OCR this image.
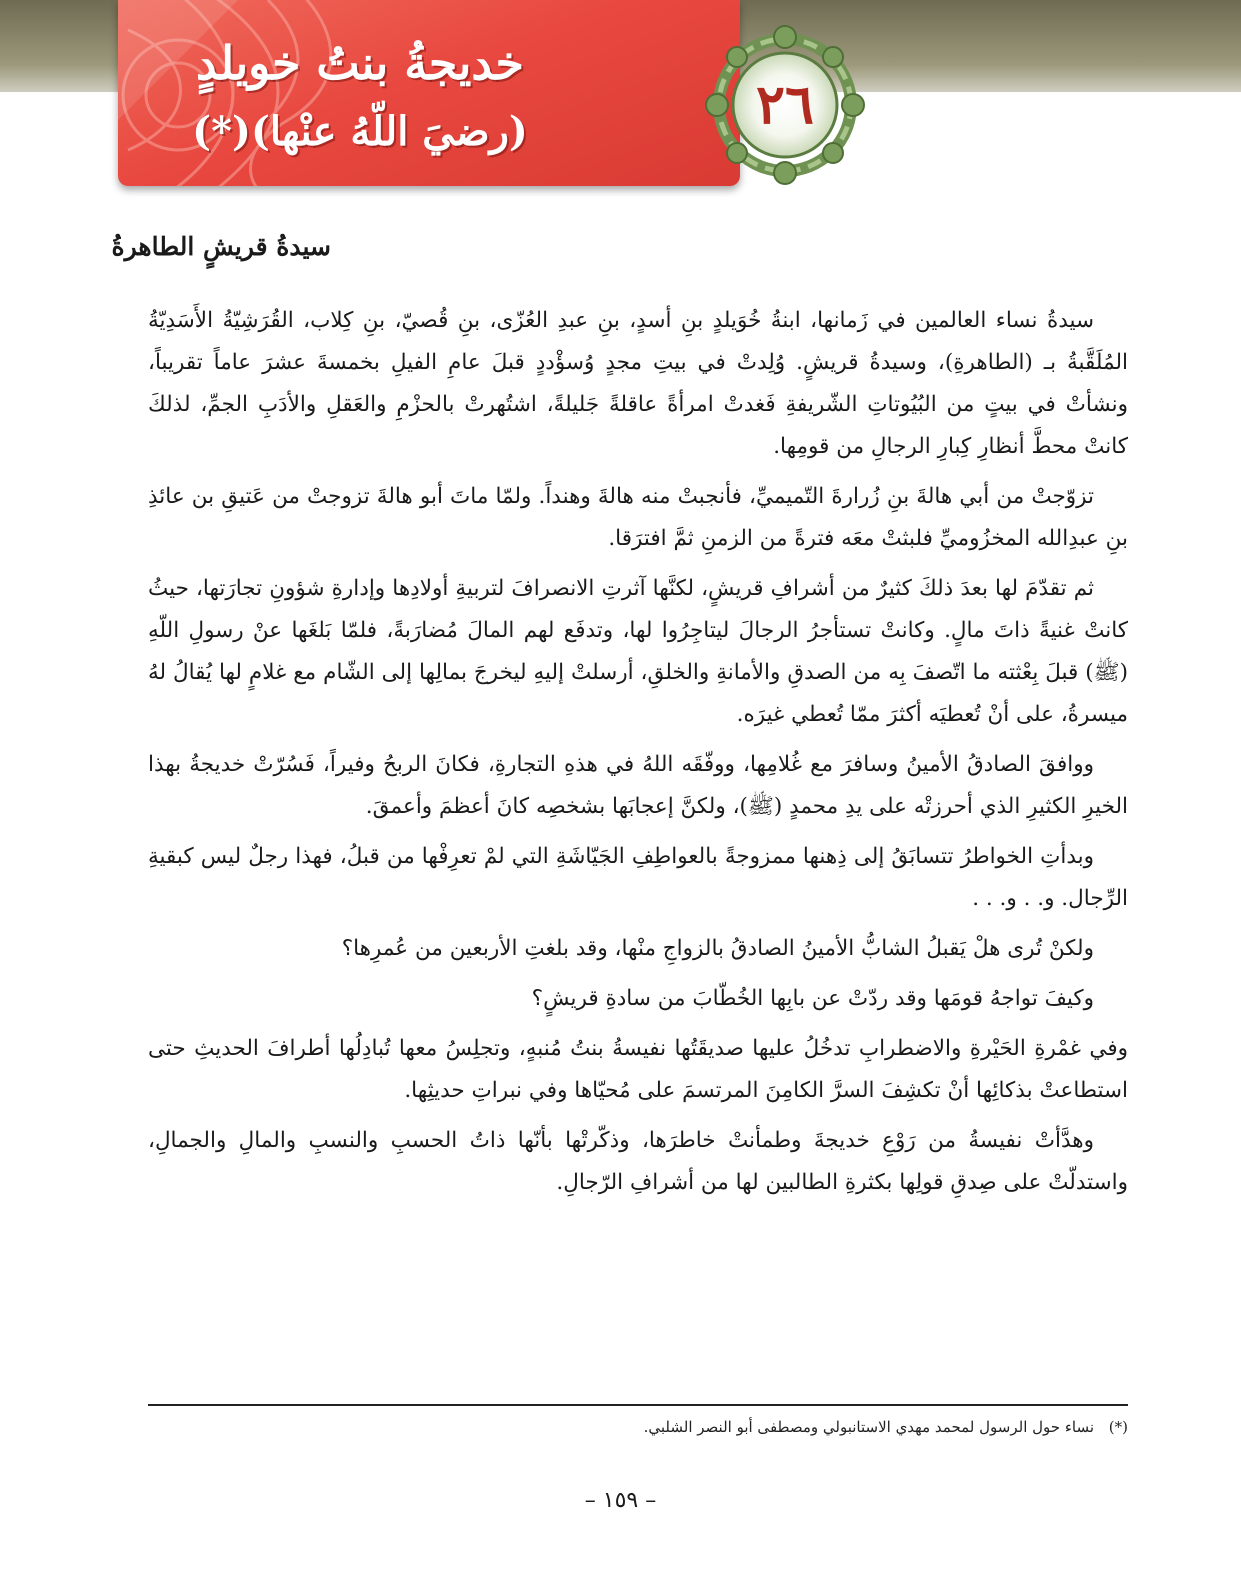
خديجةُ بنتُ خويلدٍ
(رضيَ اللّهُ عنْها)(*)	٢٦
سيدةُ قريشٍ الطاهرةُ

سيدةُ نساء العالمين في زَمانها، ابنةُ خُوَيلدٍ بنِ أسدٍ، بنِ عبدِ العُزّى، بنِ قُصيّ، بنِ كِلاب، القُرَشِيّةُ الأَسَدِيّةُ المُلَقَّبةُ بـ (الطاهرةِ)، وسيدةُ قريشٍ. وُلِدتْ في بيتِ مجدٍ وُسؤْددٍ قبلَ عامِ الفيلِ بخمسةَ عشرَ عاماً تقريباً، ونشأتْ في بيتٍ من البُيُوتاتِ الشّريفةِ فَغدتْ امرأةً عاقلةً جَليلةً، اشتُهرتْ بالحزْمِ والعَقلِ والأدَبِ الجمِّ، لذلكَ كانتْ محطَّ أنظارِ كِبارِ الرجالِ من قومِها.

تزوّجتْ من أبي هالةَ بنِ زُرارةَ التّميميِّ، فأنجبتْ منه هالةَ وهنداً. ولمّا ماتَ أبو هالةَ تزوجتْ من عَتيقِ بن عائذِ بنِ عبدِالله المخزُوميِّ فلبثتْ معَه فترةً من الزمنِ ثمَّ افترَقا.

ثم تقدّمَ لها بعدَ ذلكَ كثيرٌ من أشرافِ قريشٍ، لكنَّها آثرتِ الانصرافَ لتربيةِ أولادِها وإدارةِ شؤونِ تجارَتها، حيثُ كانتْ غنيةً ذاتَ مالٍ. وكانتْ تستأجرُ الرجالَ ليتاجِرُوا لها، وتدفَع لهم المالَ مُضارَبةً، فلمّا بَلغَها عنْ رسولِ اللّهِ (ﷺ) قبلَ بِعْثته ما اتّصفَ بِه من الصدقِ والأمانةِ والخلقِ، أرسلتْ إليهِ ليخرجَ بمالِها إلى الشّام مع غلامٍ لها يُقالُ لهُ ميسرةُ، على أنْ تُعطيَه أكثرَ ممّا تُعطي غيرَه.

ووافقَ الصادقُ الأمينُ وسافرَ مع غُلامِها، ووفّقَه اللهُ في هذهِ التجارةِ، فكانَ الربحُ وفيراً، فَسُرّتْ خديجةُ بهذا الخيرِ الكثيرِ الذي أحرزتْه على يدِ محمدٍ (ﷺ)، ولكنَّ إعجابَها بشخصِه كانَ أعظمَ وأعمقَ.

وبدأتِ الخواطرُ تتسابَقُ إلى ذِهنها ممزوجةً بالعواطِفِ الجَيّاشَةِ التي لمْ تعرِفْها من قبلُ، فهذا رجلٌ ليس كبقيةِ الرِّجال. و. . و. . .

ولكنْ تُرى هلْ يَقبلُ الشابُّ الأمينُ الصادقُ بالزواجِ منْها، وقد بلغتِ الأربعين من عُمرِها؟

وكيفَ تواجهُ قومَها وقد ردّتْ عن بابِها الخُطّابَ من سادةِ قريشٍ؟

وفي غمْرةِ الحَيْرةِ والاضطرابِ تدخُلُ عليها صديقَتُها نفيسةُ بنتُ مُنبهٍ، وتجلِسُ معها تُبادِلُها أطرافَ الحديثِ حتى استطاعتْ بذكائِها أنْ تكشِفَ السرَّ الكامِنَ المرتسمَ على مُحيّاها وفي نبراتِ حديثِها.

وهدَّأتْ نفيسةُ من رَوْعِ خديجةَ وطمأنتْ خاطرَها، وذكّرتْها بأنّها ذاتُ الحسبِ والنسبِ والمالِ والجمالِ، واستدلّتْ على صِدقِ قولِها بكثرةِ الطالبين لها من أشرافِ الرّجالِ.

(*) نساء حول الرسول لمحمد مهدي الاستانبولي ومصطفى أبو النصر الشلبي.

– ١٥٩ –
